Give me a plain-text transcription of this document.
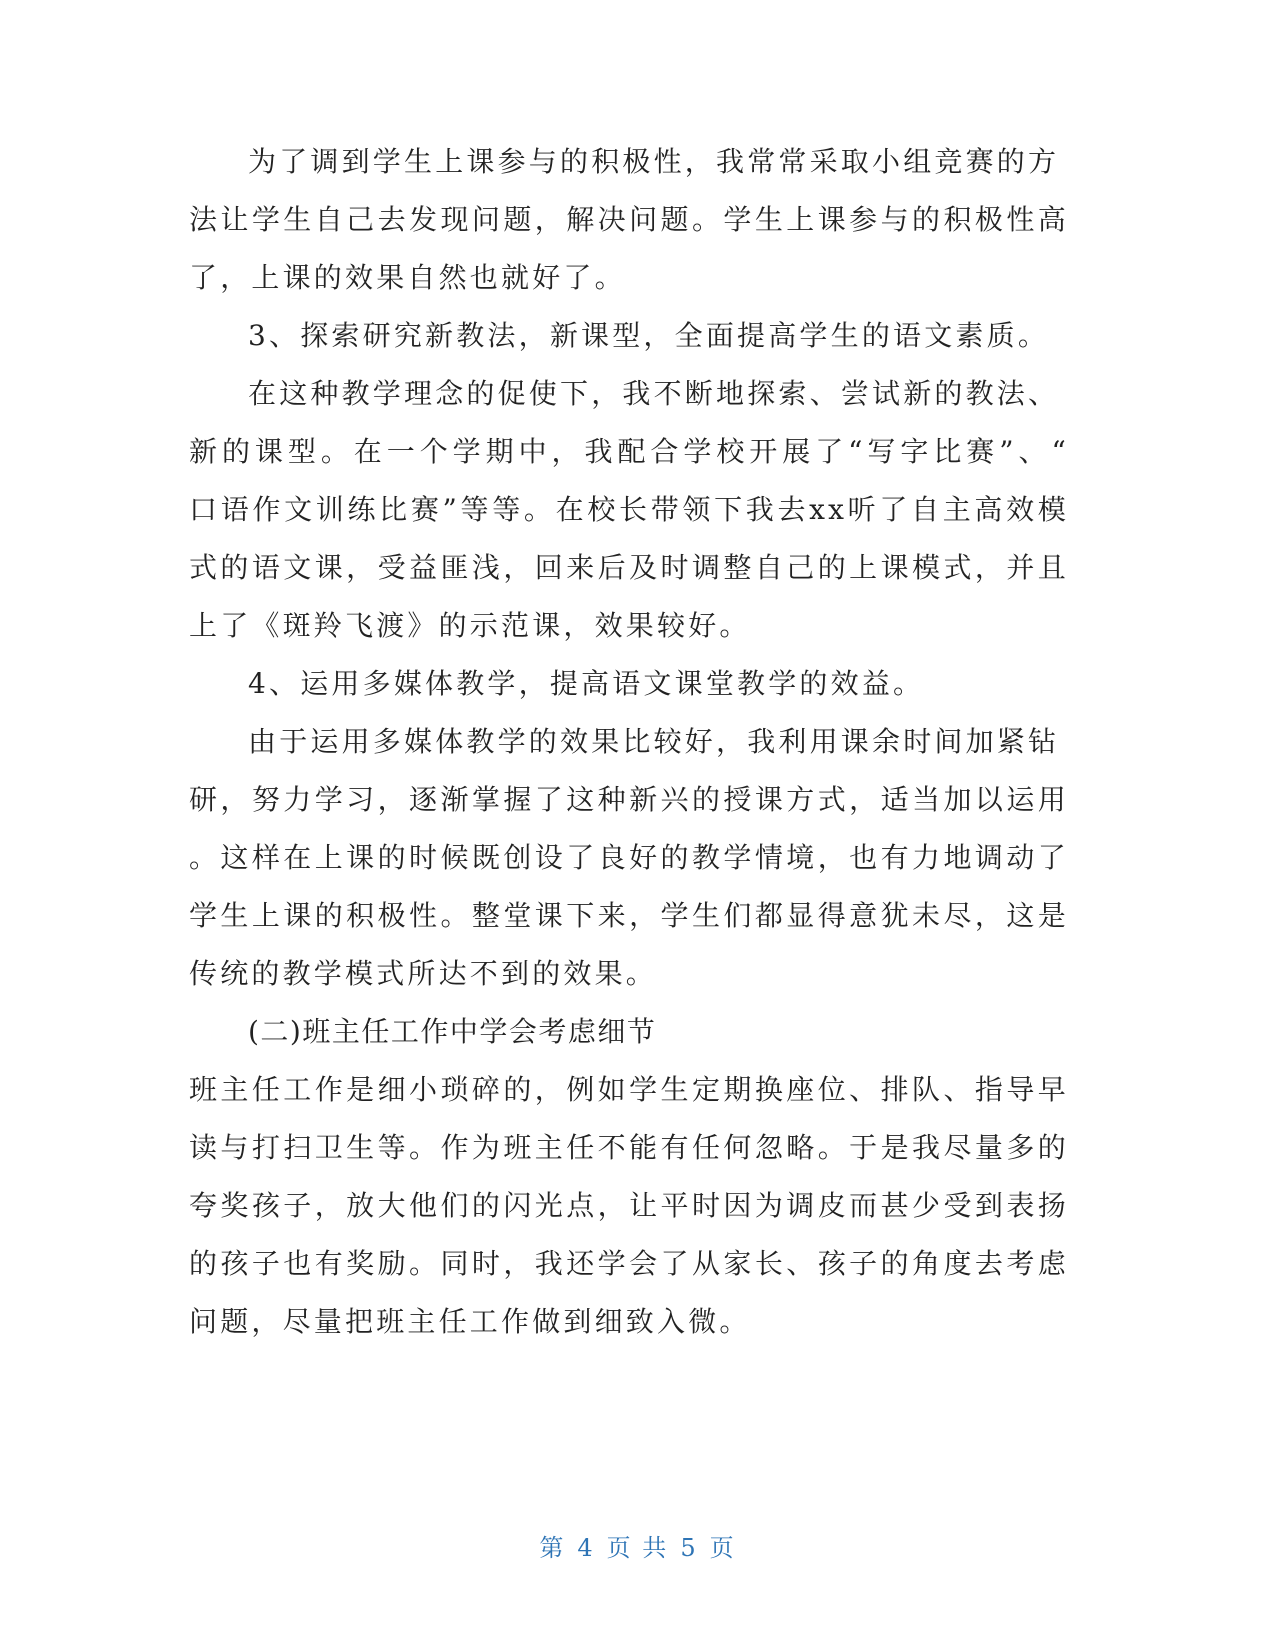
为了调到学生上课参与的积极性，我常常采取小组竞赛的方
法让学生自己去发现问题，解决问题。学生上课参与的积极性高
了，上课的效果自然也就好了。
3、探索研究新教法，新课型，全面提高学生的语文素质。
在这种教学理念的促使下，我不断地探索、尝试新的教法、
新的课型。在一个学期中，我配合学校开展了“写字比赛”、“
口语作文训练比赛”等等。在校长带领下我去xx听了自主高效模
式的语文课，受益匪浅，回来后及时调整自己的上课模式，并且
上了《斑羚飞渡》的示范课，效果较好。
4、运用多媒体教学，提高语文课堂教学的效益。
由于运用多媒体教学的效果比较好，我利用课余时间加紧钻
研，努力学习，逐渐掌握了这种新兴的授课方式，适当加以运用
。这样在上课的时候既创设了良好的教学情境，也有力地调动了
学生上课的积极性。整堂课下来，学生们都显得意犹未尽，这是
传统的教学模式所达不到的效果。
(二)班主任工作中学会考虑细节
班主任工作是细小琐碎的，例如学生定期换座位、排队、指导早
读与打扫卫生等。作为班主任不能有任何忽略。于是我尽量多的
夸奖孩子，放大他们的闪光点，让平时因为调皮而甚少受到表扬
的孩子也有奖励。同时，我还学会了从家长、孩子的角度去考虑
问题，尽量把班主任工作做到细致入微。
第 4 页 共 5 页
